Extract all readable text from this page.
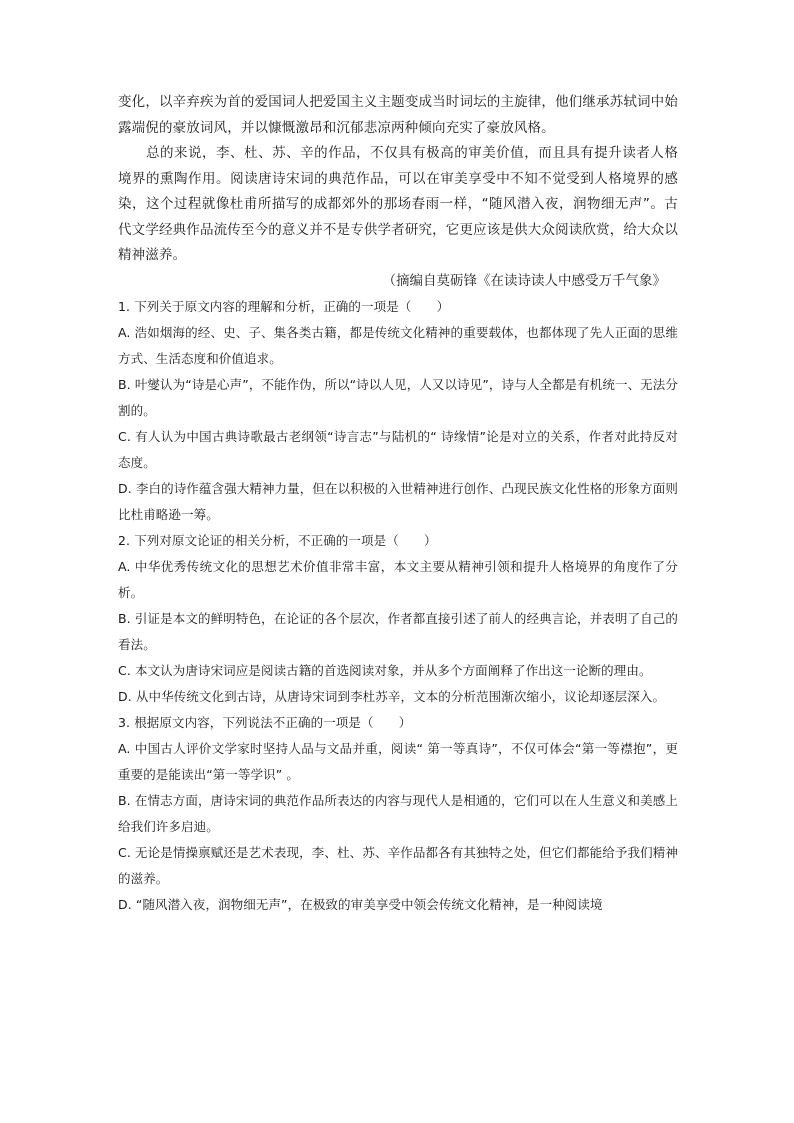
变化，以辛弃疾为首的爱国词人把爱国主义主题变成当时词坛的主旋律，他们继承苏轼词中始露端倪的豪放词风，并以慷慨激昂和沉郁悲凉两种倾向充实了豪放风格。

总的来说，李、杜、苏、辛的作品，不仅具有极高的审美价值，而且具有提升读者人格境界的熏陶作用。阅读唐诗宋词的典范作品，可以在审美享受中不知不觉受到人格境界的感染，这个过程就像杜甫所描写的成都郊外的那场春雨一样，“随风潜入夜，润物细无声”。古代文学经典作品流传至今的意义并不是专供学者研究，它更应该是供大众阅读欣赏，给大众以精神滋养。

（摘编自莫砺锋《在读诗读人中感受万千气象》

1. 下列关于原文内容的理解和分析，正确的一项是（　　）

A. 浩如烟海的经、史、子、集各类古籍，都是传统文化精神的重要载体，也都体现了先人正面的思维方式、生活态度和价值追求。

B. 叶燮认为“诗是心声”，不能作伪，所以“诗以人见，人又以诗见”，诗与人全都是有机统一、无法分割的。

C. 有人认为中国古典诗歌最古老纲领“诗言志”与陆机的“ 诗缘情”论是对立的关系，作者对此持反对态度。

D. 李白的诗作蕴含强大精神力量，但在以积极的入世精神进行创作、凸现民族文化性格的形象方面则比杜甫略逊一筹。

2. 下列对原文论证的相关分析，不正确的一项是（　　）

A. 中华优秀传统文化的思想艺术价值非常丰富，本文主要从精神引领和提升人格境界的角度作了分析。

B. 引证是本文的鲜明特色，在论证的各个层次，作者都直接引述了前人的经典言论，并表明了自己的看法。

C. 本文认为唐诗宋词应是阅读古籍的首选阅读对象，并从多个方面阐释了作出这一论断的理由。

D. 从中华传统文化到古诗，从唐诗宋词到李杜苏辛，文本的分析范围渐次缩小，议论却逐层深入。

3. 根据原文内容，下列说法不正确的一项是（　　）

A. 中国古人评价文学家时坚持人品与文品并重，阅读“ 第一等真诗”，不仅可体会“第一等襟抱”，更重要的是能读出“第一等学识” 。

B. 在情志方面，唐诗宋词的典范作品所表达的内容与现代人是相通的，它们可以在人生意义和美感上给我们许多启迪。

C. 无论是情操禀赋还是艺术表现，李、杜、苏、辛作品都各有其独特之处，但它们都能给予我们精神的滋养。

D. “随风潜入夜，润物细无声”，在极致的审美享受中领会传统文化精神，是一种阅读境
